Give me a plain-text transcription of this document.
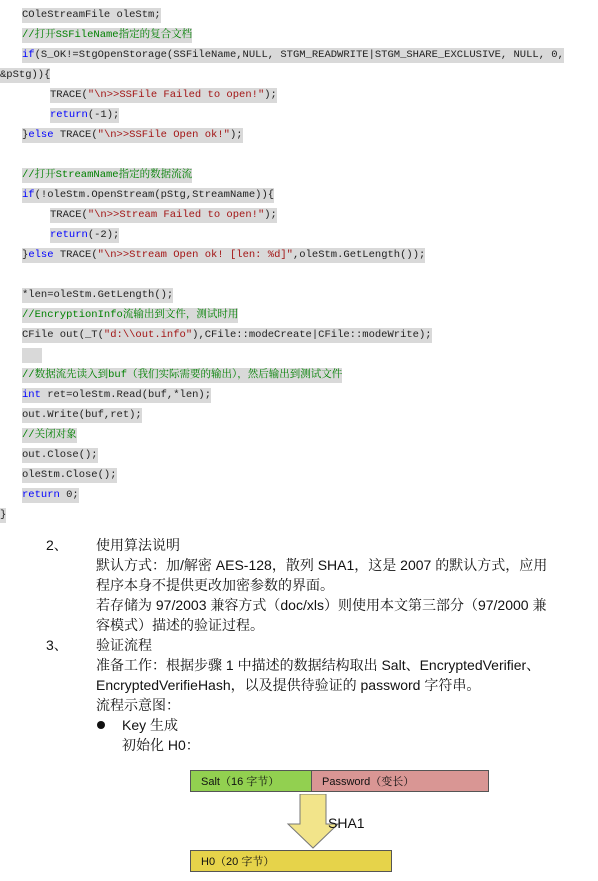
COleStreamFile oleStm;
//打开SSFileName指定的复合文档
if(S_OK!=StgOpenStorage(SSFileName,NULL, STGM_READWRITE|STGM_SHARE_EXCLUSIVE, NULL, 0,
&pStg)){
TRACE("\n>>SSFile Failed to open!");
return(-1);
}else TRACE("\n>>SSFile Open ok!");
//打开StreamName指定的数据流流
if(!oleStm.OpenStream(pStg,StreamName)){
TRACE("\n>>Stream Failed to open!");
return(-2);
}else TRACE("\n>>Stream Open ok! [len: %d]",oleStm.GetLength());
*len=oleStm.GetLength();
//EncryptionInfo流输出到文件，测试时用
CFile out(_T("d:\\out.info"),CFile::modeCreate|CFile::modeWrite);
//数据流先读入到buf（我们实际需要的输出），然后输出到测试文件
int ret=oleStm.Read(buf,*len);
out.Write(buf,ret);
//关闭对象
out.Close();
oleStm.Close();
return 0;
}
2、 使用算法说明
默认方式：加/解密 AES-128，散列 SHA1，这是 2007 的默认方式，应用程序本身不提供更改加密参数的界面。
若存储为 97/2003 兼容方式（doc/xls）则使用本文第三部分（97/2000 兼容模式）描述的验证过程。
3、 验证流程
准备工作：根据步骤 1 中描述的数据结构取出 Salt、EncryptedVerifier、EncryptedVerifieHash，以及提供待验证的 password 字符串。
流程示意图：
Key 生成
初始化 H0：
Salt（16 字节）	Password（变长）
SHA1
H0（20 字节）
